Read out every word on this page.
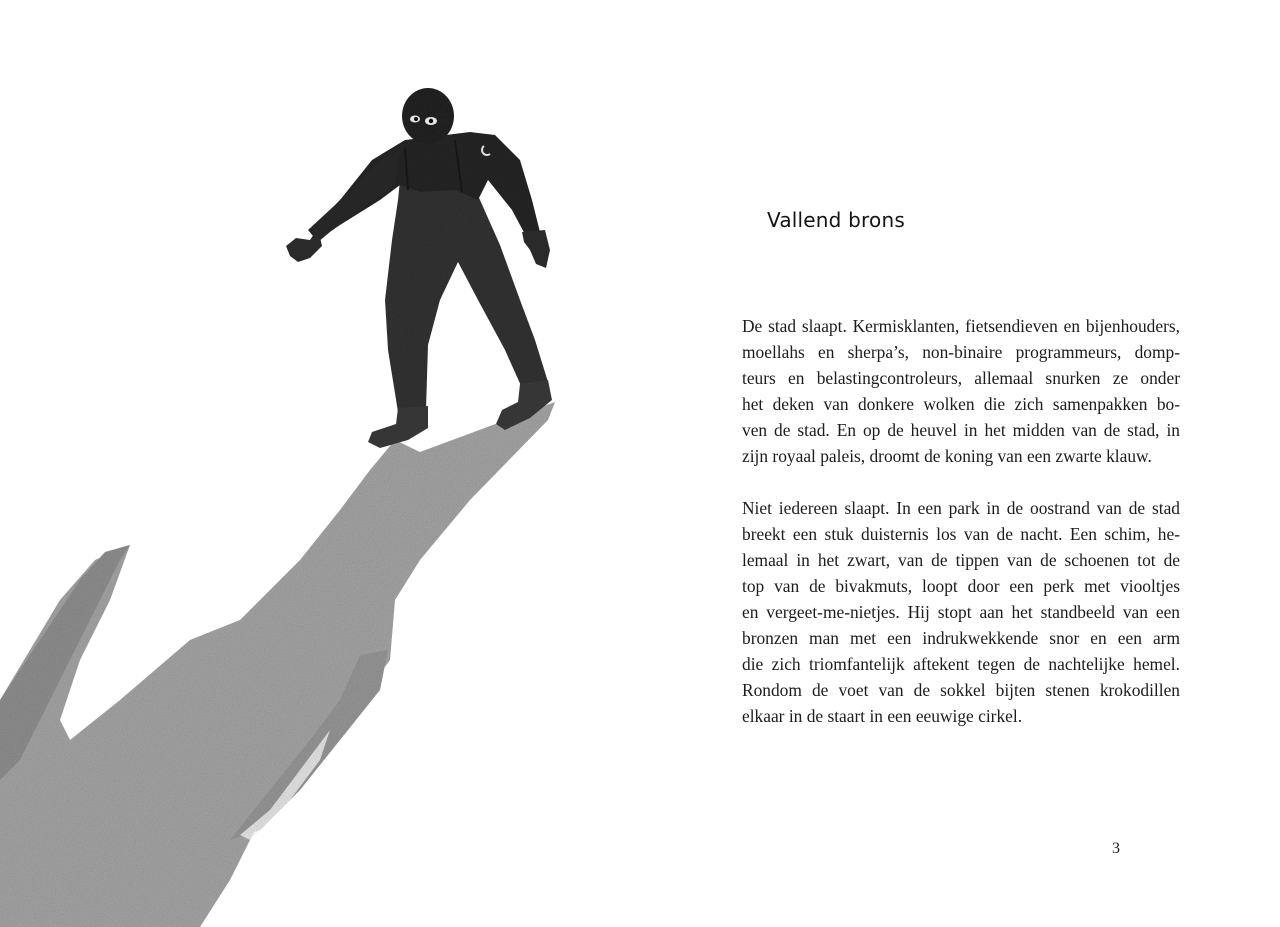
Vallend brons

De stad slaapt. Kermisklanten, fietsendieven en bijenhouders,
moellahs en sherpa’s, non-binaire programmeurs, domp-
teurs en belastingcontroleurs, allemaal snurken ze onder
het deken van donkere wolken die zich samenpakken bo-
ven de stad. En op de heuvel in het midden van de stad, in
zijn royaal paleis, droomt de koning van een zwarte klauw.

Niet iedereen slaapt. In een park in de oostrand van de stad
breekt een stuk duisternis los van de nacht. Een schim, he-
lemaal in het zwart, van de tippen van de schoenen tot de
top van de bivakmuts, loopt door een perk met viooltjes
en vergeet-me-nietjes. Hij stopt aan het standbeeld van een
bronzen man met een indrukwekkende snor en een arm
die zich triomfantelijk aftekent tegen de nachtelijke hemel.
Rondom de voet van de sokkel bijten stenen krokodillen
elkaar in de staart in een eeuwige cirkel.

3
